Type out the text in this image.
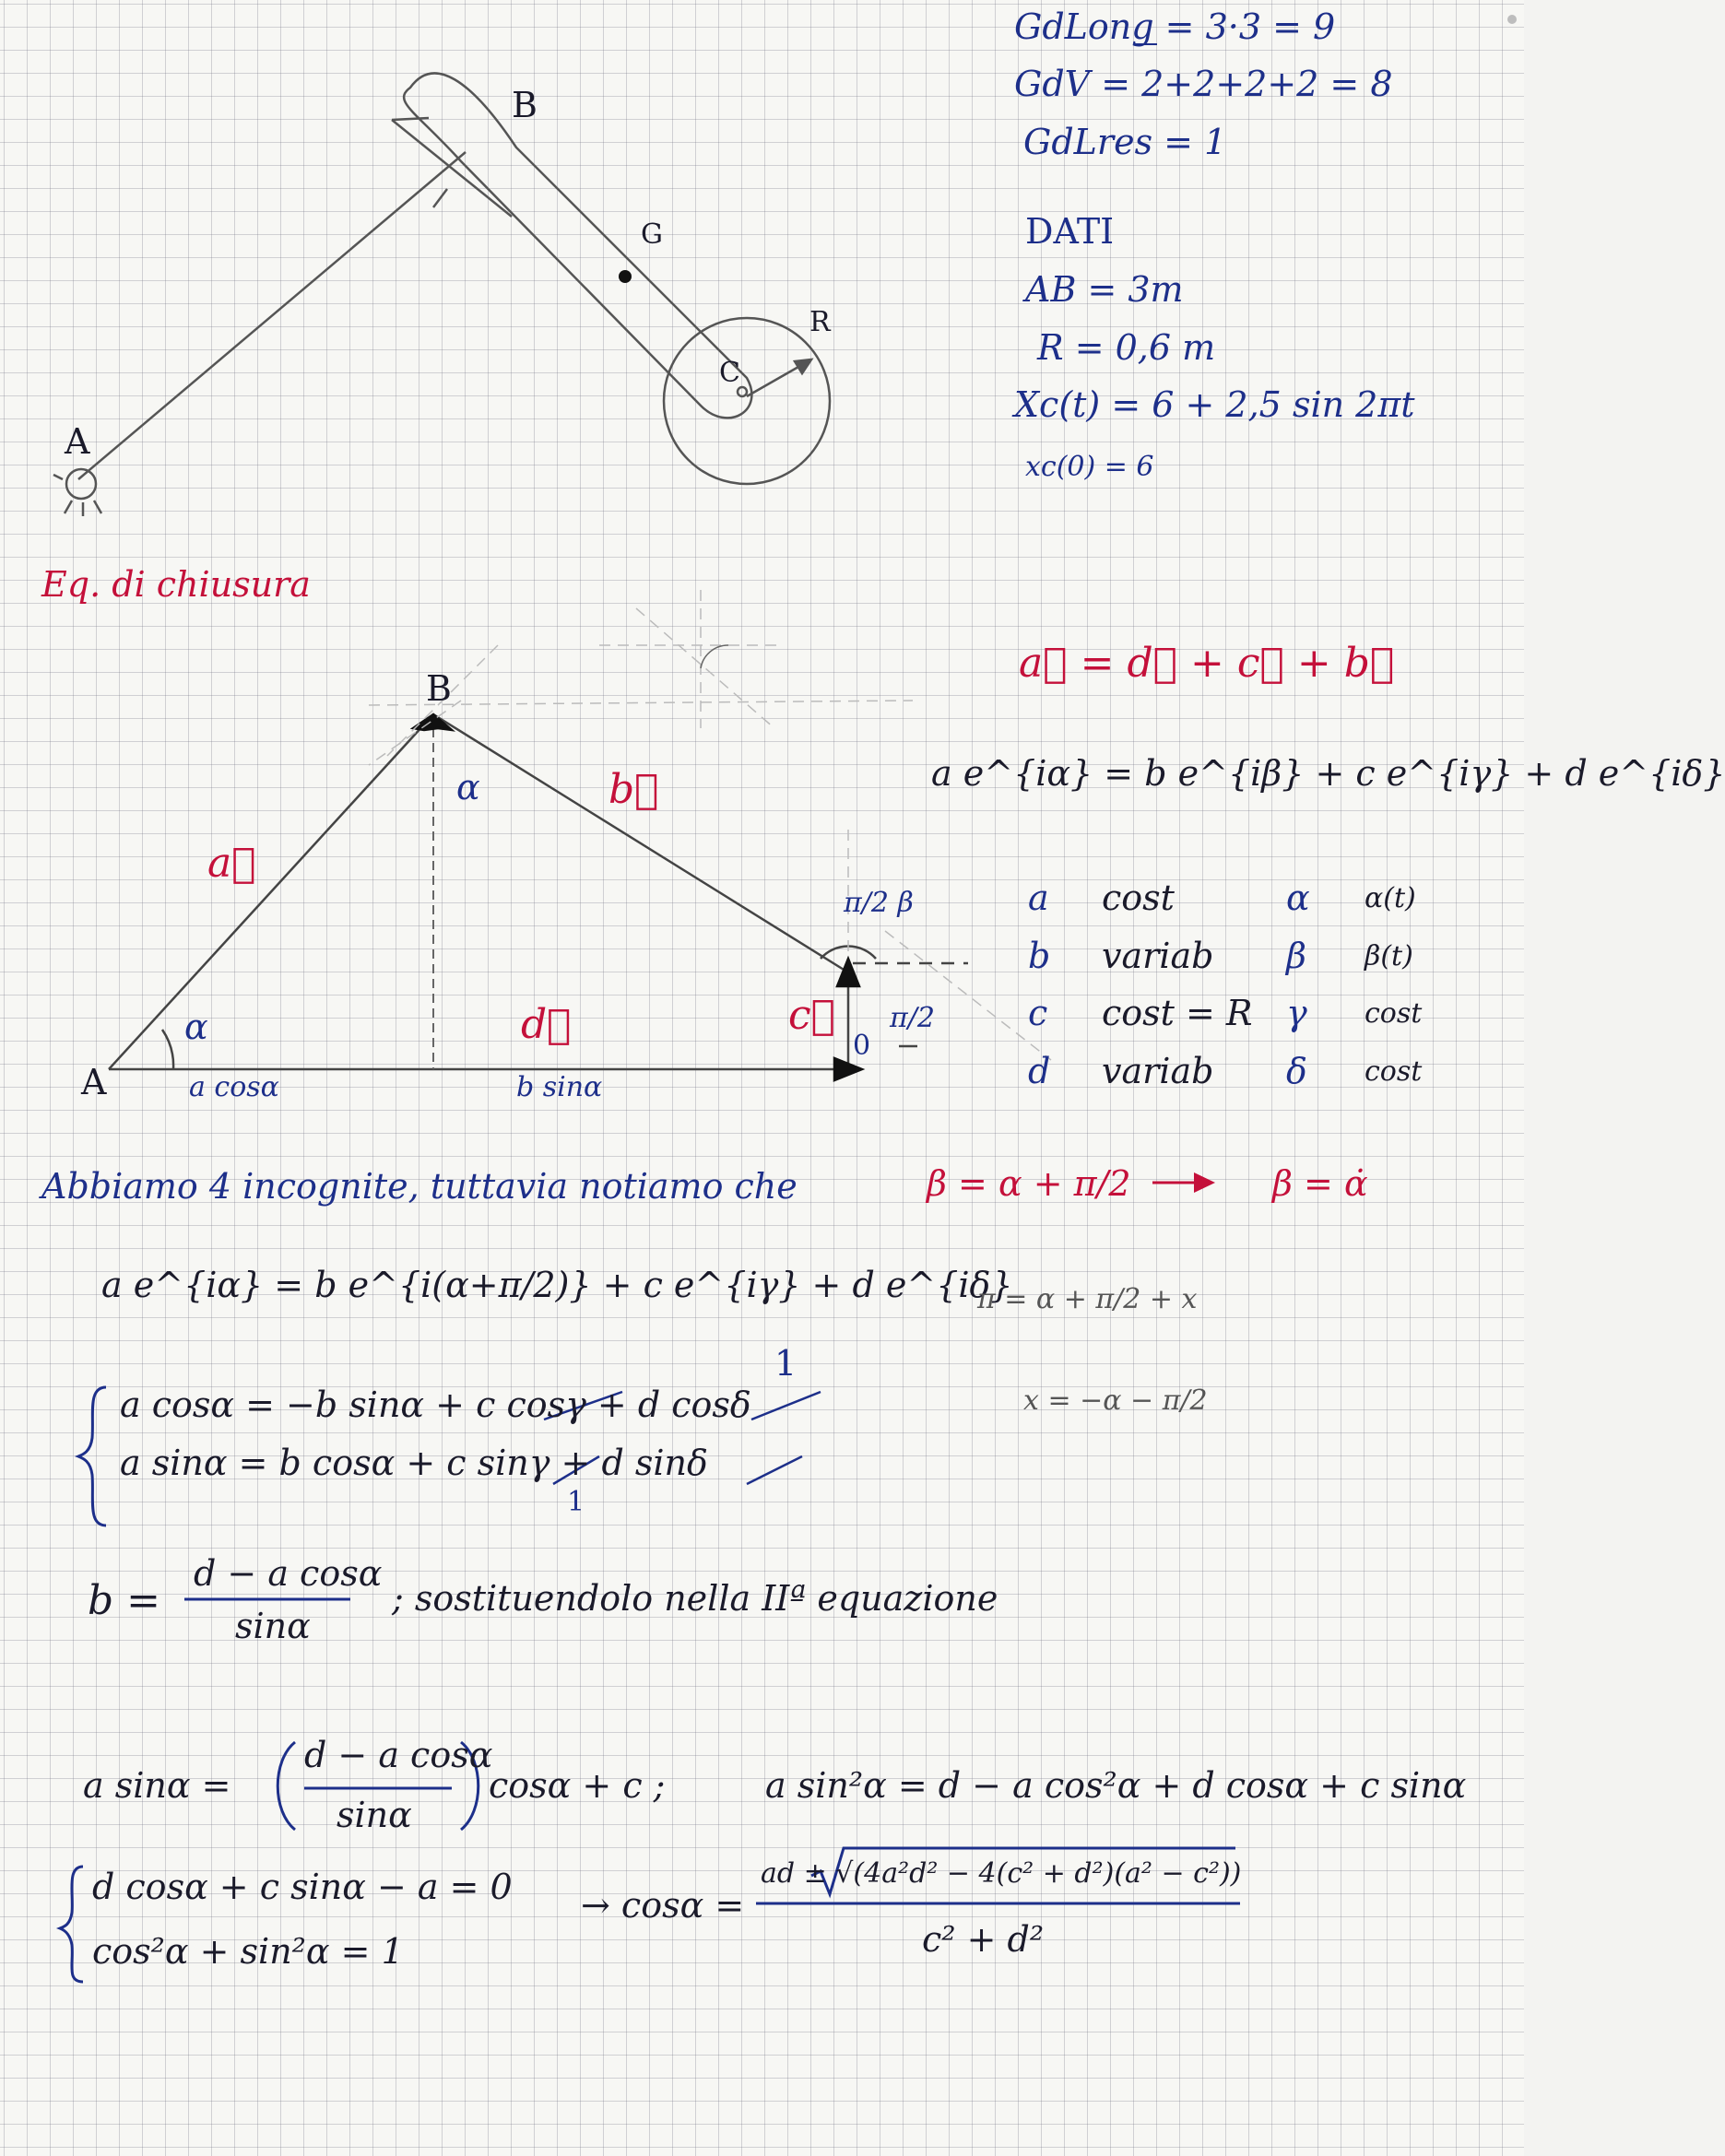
GdLong = 3·3 = 9
GdV = 2+2+2+2 = 8
GdLres = 1
DATI
AB = 3m
R = 0,6 m
Xc(t) = 6 + 2,5 sin 2πt
xc(0) = 6
A
B
G
C
R
Eq. di chiusura
a⃗ = d⃗ + c⃗ + b⃗
a e^{iα} = b e^{iβ} + c e^{iγ} + d e^{iδ}
A
B
a⃗
b⃗
c⃗
d⃗
α
α
a cosα	b sinα
π/2 β
π/2
0
a cost	α α(t)
b variab β β(t)
c cost = R γ cost
d variab δ cost
Abbiamo 4 incognite, tuttavia notiamo che	β = α + π/2	β = α̇
a e^{iα} = b e^{i(α+π/2)} + c e^{iγ} + d e^{iδ}
π = α + π/2 + x
x = −α − π/2
1
a cosα = −b sinα + c cosγ + d cosδ
a sinα = b cosα + c sinγ + d sinδ
1
b =
d − a cosα
sinα
; sostituendolo nella IIª equazione
a sinα =
d − a cosα
sinα
cosα + c ;	a sin²α = d − a cos²α + d cosα + c sinα
d cosα + c sinα − a = 0
cos²α + sin²α = 1
→ cosα =
ad ± √(4a²d² − 4(c² + d²)(a² − c²))
c² + d²
